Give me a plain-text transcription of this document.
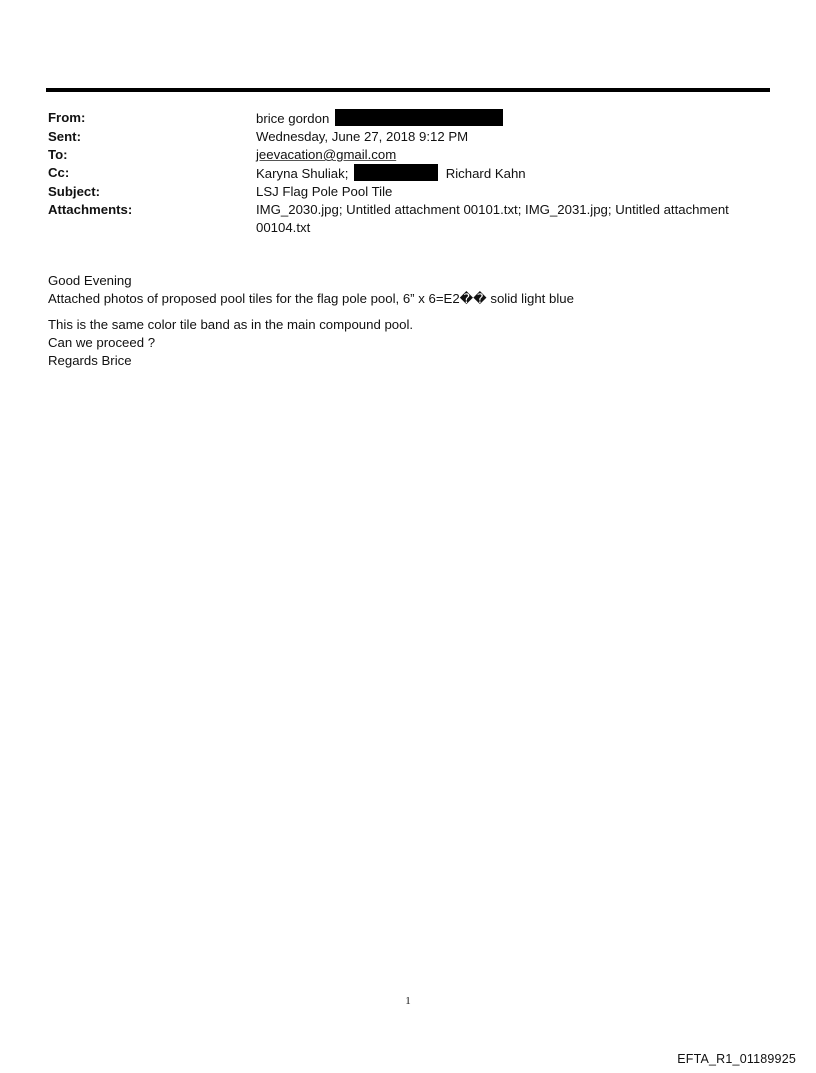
From:	brice gordon
Sent:	Wednesday, June 27, 2018 9:12 PM
To:	jeevacation@gmail.com
Cc:	Karyna Shuliak;	Richard Kahn
Subject:	LSJ Flag Pole Pool Tile
Attachments:	IMG_2030.jpg; Untitled attachment 00101.txt; IMG_2031.jpg; Untitled attachment 00104.txt
Good Evening
Attached photos of proposed pool tiles for the flag pole pool, 6” x 6=E2�� solid light blue
This is the same color tile band as in the main compound pool.
Can we proceed ?
Regards Brice
1
EFTA_R1_01189925
